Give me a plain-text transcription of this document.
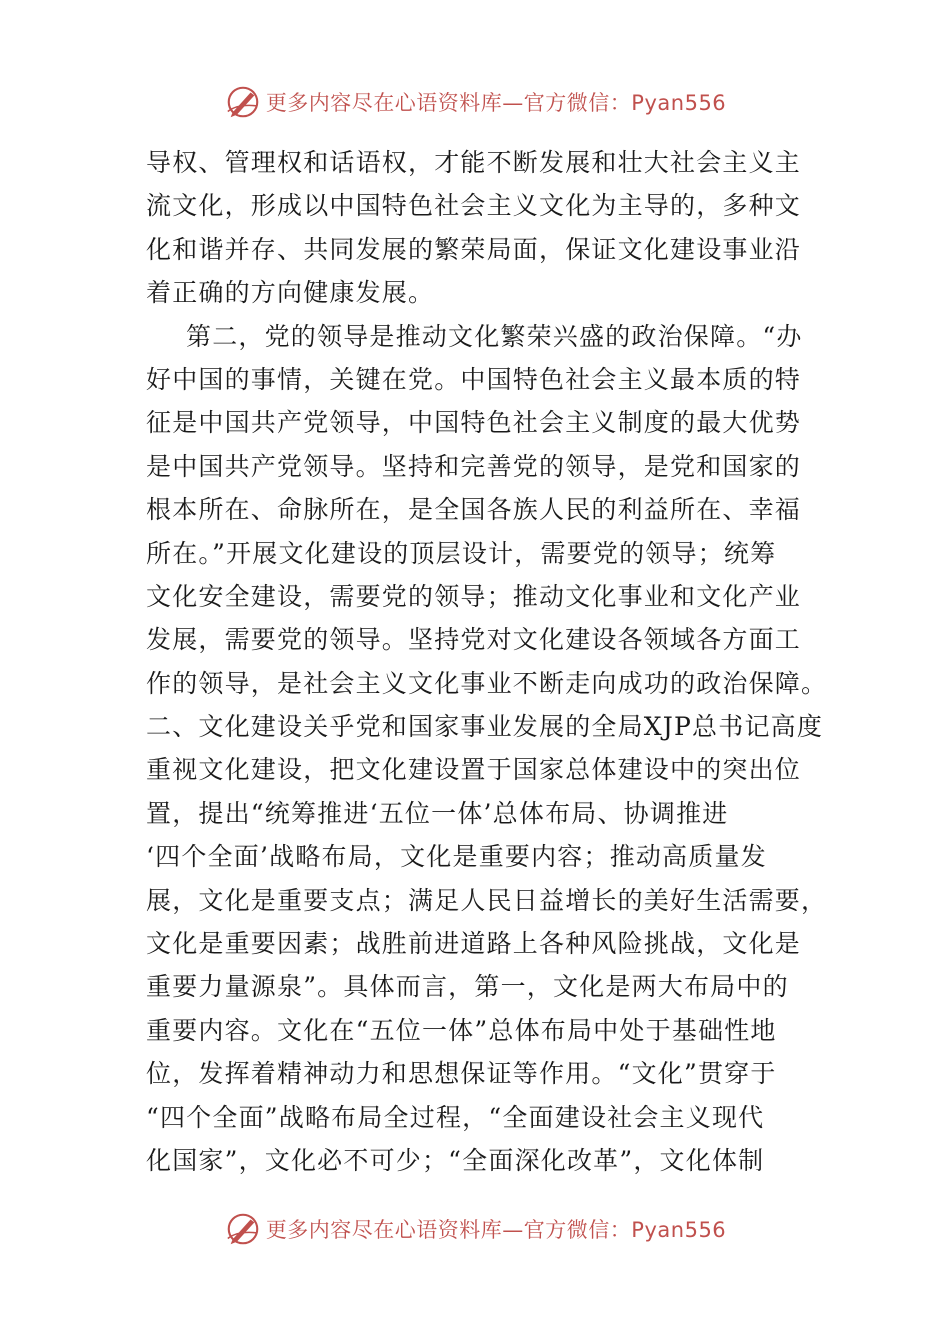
更多内容尽在心语资料库—官方微信：Pyan556
导权、管理权和话语权，才能不断发展和壮大社会主义主
流文化，形成以中国特色社会主义文化为主导的，多种文
化和谐并存、共同发展的繁荣局面，保证文化建设事业沿
着正确的方向健康发展。
第二，党的领导是推动文化繁荣兴盛的政治保障。“办
好中国的事情，关键在党。中国特色社会主义最本质的特
征是中国共产党领导，中国特色社会主义制度的最大优势
是中国共产党领导。坚持和完善党的领导，是党和国家的
根本所在、命脉所在，是全国各族人民的利益所在、幸福
所在。”开展文化建设的顶层设计，需要党的领导；统筹
文化安全建设，需要党的领导；推动文化事业和文化产业
发展，需要党的领导。坚持党对文化建设各领域各方面工
作的领导，是社会主义文化事业不断走向成功的政治保障。
二、文化建设关乎党和国家事业发展的全局XJP总书记高度
重视文化建设，把文化建设置于国家总体建设中的突出位
置，提出“统筹推进‘五位一体’总体布局、协调推进
‘四个全面’战略布局，文化是重要内容；推动高质量发
展，文化是重要支点；满足人民日益增长的美好生活需要，
文化是重要因素；战胜前进道路上各种风险挑战，文化是
重要力量源泉”。具体而言，第一，文化是两大布局中的
重要内容。文化在“五位一体”总体布局中处于基础性地
位，发挥着精神动力和思想保证等作用。“文化”贯穿于
“四个全面”战略布局全过程，“全面建设社会主义现代
化国家”，文化必不可少；“全面深化改革”，文化体制
更多内容尽在心语资料库—官方微信：Pyan556
